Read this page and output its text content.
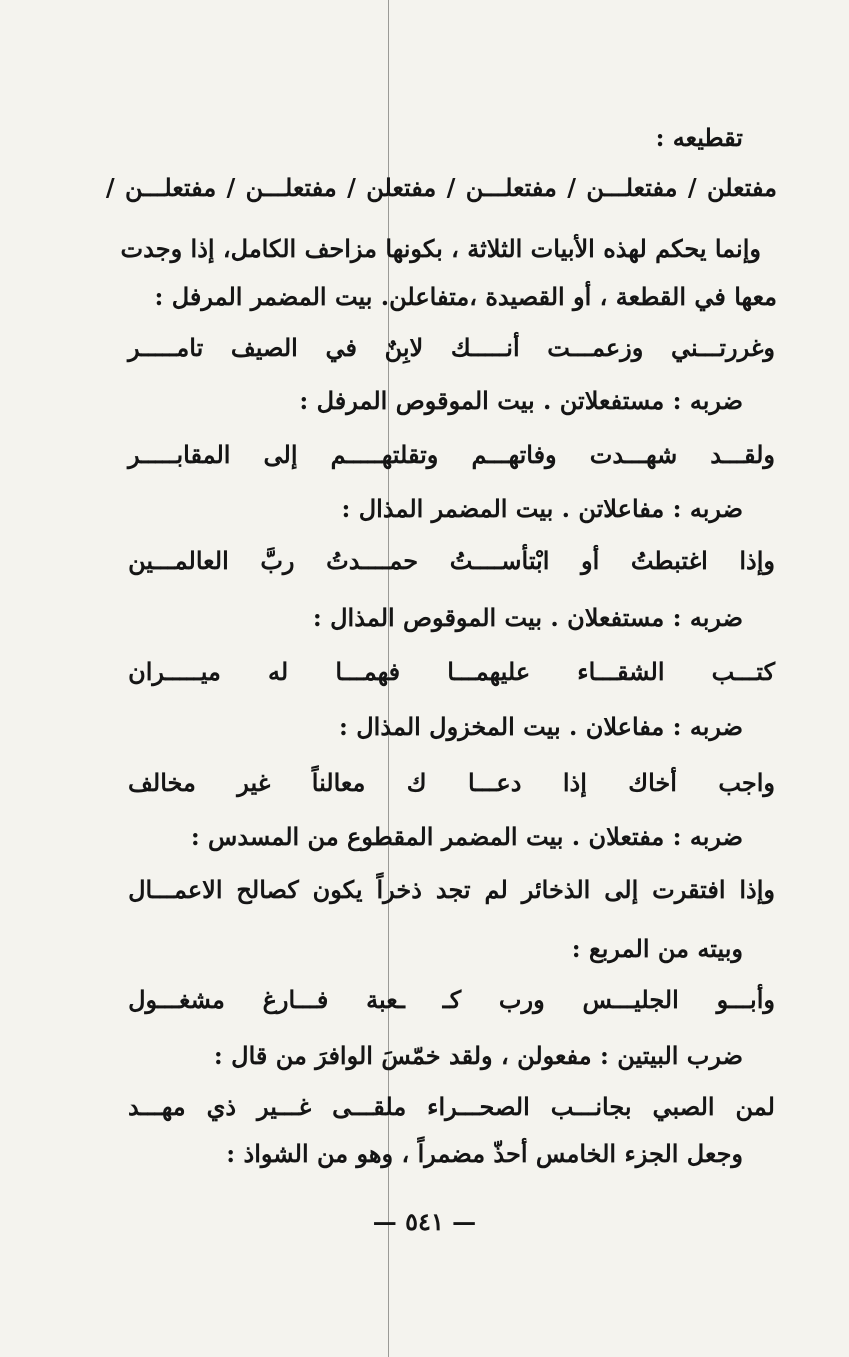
تقطيعه :
مفتعلن / مفتعلـــن / مفتعلـــن / مفتعلن / مفتعلـــن / مفتعلـــن /
وإنما يحكم لهذه الأبيات الثلاثة ، بكونها مزاحف الكامل، إذا وجدت
معها في القطعة ، أو القصيدة ،متفاعلن. بيت المضمر المرفل :
وغررتـــني
وزعمـــت
أنـــــك
لابِنٌ
في
الصيف
تامـــــر
ضربه : مستفعلاتن . بيت الموقوص المرفل :
ولقـــد
شهـــدت
وفاتهـــم
وتقلتهـــــم
إلى
المقابـــــر
ضربه : مفاعلاتن . بيت المضمر المذال :
وإذا
اغتبطتُ
أو
ابْتأســــتُ
حمــــدتُ
ربَّ
العالمـــين
ضربه : مستفعلان . بيت الموقوص المذال :
كتـــب
الشقـــاء
عليهمـــا
فهمـــا
له
ميـــــران
ضربه : مفاعلان . بيت المخزول المذال :
واجب
أخاك
إذا
دعـــا
ك
معالناً
غير
مخالف
ضربه : مفتعلان . بيت المضمر المقطوع من المسدس :
وإذا
افتقرت
إلى
الذخائر
لم
تجد
ذخراً
يكون
كصالح
الاعمـــال
وبيته من المربع :
وأبـــو
الجليـــس
ورب
كـ
ـعبة
فـــارغ
مشغـــول
ضرب البيتين : مفعولن ، ولقد خمّسَ الوافرَ من قال :
لمن
الصبي
بجانـــب
الصحـــراء
ملقـــى
غـــير
ذي
مهـــد
وجعل الجزء الخامس أحذّ مضمراً ، وهو من الشواذ :
— ٥٤١ —
